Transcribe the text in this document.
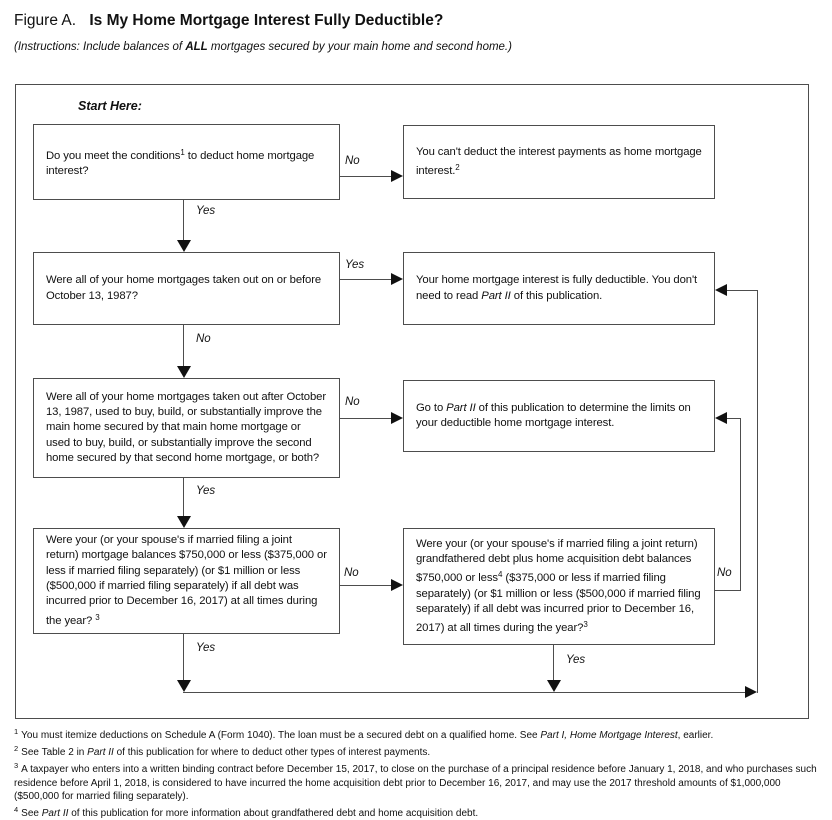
Figure A. Is My Home Mortgage Interest Fully Deductible?
(Instructions: Include balances of ALL mortgages secured by your main home and second home.)
Start Here:
Do you meet the conditions$^1$ to deduct home mortgage interest?
You can't deduct the interest payments as home mortgage interest.$^2$
Were all of your home mortgages taken out on or before October 13, 1987?
Your home mortgage interest is fully deductible. You don't need to read Part II of this publication.
Were all of your home mortgages taken out after October 13, 1987, used to buy, build, or substantially improve the main home secured by that main home mortgage or used to buy, build, or substantially improve the second home secured by that second home mortgage, or both?
Go to Part II of this publication to determine the limits on your deductible home mortgage interest.
Were your (or your spouse's if married filing a joint return) mortgage balances $750,000 or less ($375,000 or less if married filing separately) (or $1 million or less ($500,000 if married filing separately) if all debt was incurred prior to December 16, 2017) at all times during the year? $^3$
Were your (or your spouse's if married filing a joint return) grandfathered debt plus home acquisition debt balances $750,000 or less$^4$ ($375,000 or less if married filing separately) (or $1 million or less ($500,000 if married filing separately) if all debt was incurred prior to December 16, 2017) at all times during the year?$^3$
No
Yes
Yes
No
No
Yes
No
Yes
Yes
No
$^1$ You must itemize deductions on Schedule A (Form 1040). The loan must be a secured debt on a qualified home. See Part I, Home Mortgage Interest, earlier.
$^2$ See Table 2 in Part II of this publication for where to deduct other types of interest payments.
$^3$ A taxpayer who enters into a written binding contract before December 15, 2017, to close on the purchase of a principal residence before January 1, 2018, and who purchases such residence before April 1, 2018, is considered to have incurred the home acquisition debt prior to December 16, 2017, and may use the 2017 threshold amounts of $1,000,000 ($500,000 for married filing separately).
$^4$ See Part II of this publication for more information about grandfathered debt and home acquisition debt.
